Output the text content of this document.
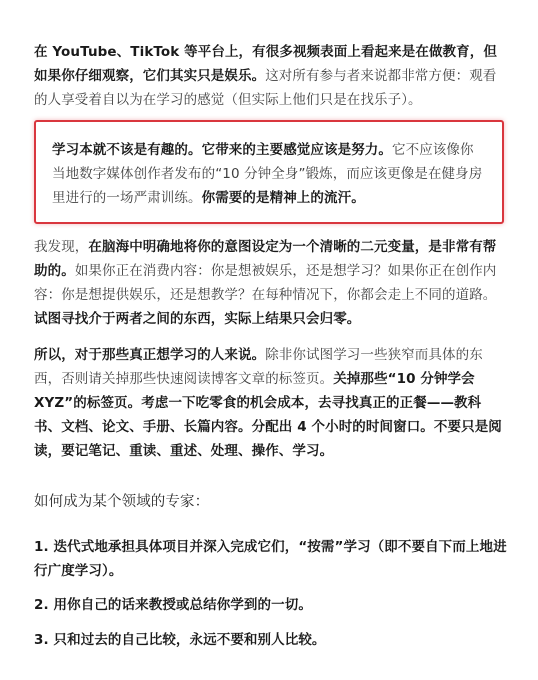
在 YouTube、TikTok 等平台上，有很多视频表面上看起来是在做教育，但如果你仔细观察，它们其实只是娱乐。这对所有参与者来说都非常方便：观看的人享受着自以为在学习的感觉（但实际上他们只是在找乐子）。

学习本就不该是有趣的。它带来的主要感觉应该是努力。它不应该像你当地数字媒体创作者发布的“10 分钟全身”锻炼，而应该更像是在健身房里进行的一场严肃训练。你需要的是精神上的流汗。

我发现，在脑海中明确地将你的意图设定为一个清晰的二元变量，是非常有帮助的。如果你正在消费内容：你是想被娱乐，还是想学习？如果你正在创作内容：你是想提供娱乐，还是想教学？在每种情况下，你都会走上不同的道路。试图寻找介于两者之间的东西，实际上结果只会归零。

所以，对于那些真正想学习的人来说。除非你试图学习一些狭窄而具体的东西，否则请关掉那些快速阅读博客文章的标签页。关掉那些“10 分钟学会 XYZ”的标签页。考虑一下吃零食的机会成本，去寻找真正的正餐——教科书、文档、论文、手册、长篇内容。分配出 4 个小时的时间窗口。不要只是阅读，要记笔记、重读、重述、处理、操作、学习。

如何成为某个领域的专家：

1. 迭代式地承担具体项目并深入完成它们，“按需”学习（即不要自下而上地进行广度学习）。

2. 用你自己的话来教授或总结你学到的一切。

3. 只和过去的自己比较，永远不要和别人比较。
